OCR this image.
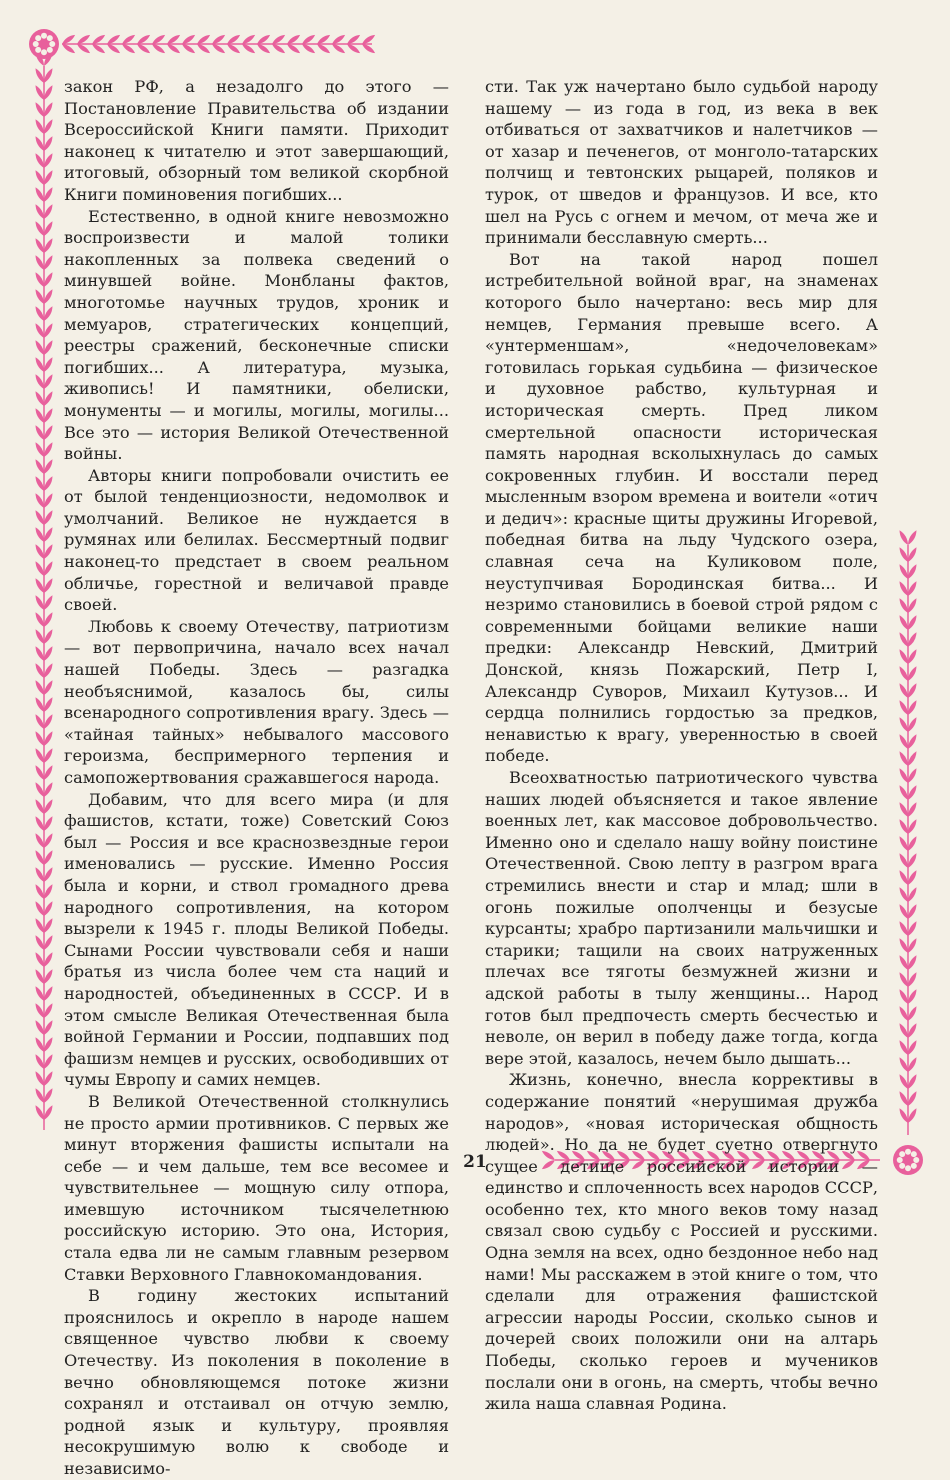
закон РФ, а незадолго до этого — Постановление Правительства об издании Всероссийской Книги памяти. Приходит наконец к читателю и этот завершающий, итоговый, обзорный том великой скорбной Книги поминовения погибших...

Естественно, в одной книге невозможно воспроизвести и малой толики накопленных за полвека сведений о минувшей войне. Монбланы фактов, многотомье научных трудов, хроник и мемуаров, стратегических концепций, реестры сражений, бесконечные списки погибших... А литература, музыка, живопись! И памятники, обелиски, монументы — и могилы, могилы, могилы... Все это — история Великой Отечественной войны.

Авторы книги попробовали очистить ее от былой тенденциозности, недомолвок и умолчаний. Великое не нуждается в румянах или белилах. Бессмертный подвиг наконец-то предстает в своем реальном обличье, горестной и величавой правде своей.

Любовь к своему Отечеству, патриотизм — вот первопричина, начало всех начал нашей Победы. Здесь — разгадка необъяснимой, казалось бы, силы всенародного сопротивления врагу. Здесь — «тайная тайных» небывалого массового героизма, беспримерного терпения и самопожертвования сражавшегося народа.

Добавим, что для всего мира (и для фашистов, кстати, тоже) Советский Союз был — Россия и все краснозвездные герои именовались — русские. Именно Россия была и корни, и ствол громадного древа народного сопротивления, на котором вызрели к 1945 г. плоды Великой Победы. Сынами России чувствовали себя и наши братья из числа более чем ста наций и народностей, объединенных в СССР. И в этом смысле Великая Отечественная была войной Германии и России, подпавших под фашизм немцев и русских, освободивших от чумы Европу и самих немцев.

В Великой Отечественной столкнулись не просто армии противников. С первых же минут вторжения фашисты испытали на себе — и чем дальше, тем все весомее и чувствительнее — мощную силу отпора, имевшую источником тысячелетнюю российскую историю. Это она, История, стала едва ли не самым главным резервом Ставки Верховного Главнокомандования.

В годину жестоких испытаний прояснилось и окрепло в народе нашем священное чувство любви к своему Отечеству. Из поколения в поколение в вечно обновляющемся потоке жизни сохранял и отстаивал он отчую землю, родной язык и культуру, проявляя несокрушимую волю к свободе и независимо-

сти. Так уж начертано было судьбой народу нашему — из года в год, из века в век отбиваться от захватчиков и налетчиков — от хазар и печенегов, от монголо-татарских полчищ и тевтонских рыцарей, поляков и турок, от шведов и французов. И все, кто шел на Русь с огнем и мечом, от меча же и принимали бесславную смерть...

Вот на такой народ пошел истребительной войной враг, на знаменах которого было начертано: весь мир для немцев, Германия превыше всего. А «унтерменшам», «недочеловекам» готовилась горькая судьбина — физическое и духовное рабство, культурная и историческая смерть. Пред ликом смертельной опасности историческая память народная всколыхнулась до самых сокровенных глубин. И восстали перед мысленным взором времена и воители «отич и дедич»: красные щиты дружины Игоревой, победная битва на льду Чудского озера, славная сеча на Куликовом поле, неуступчивая Бородинская битва... И незримо становились в боевой строй рядом с современными бойцами великие наши предки: Александр Невский, Дмитрий Донской, князь Пожарский, Петр I, Александр Суворов, Михаил Кутузов... И сердца полнились гордостью за предков, ненавистью к врагу, уверенностью в своей победе.

Всеохватностью патриотического чувства наших людей объясняется и такое явление военных лет, как массовое добровольчество. Именно оно и сделало нашу войну поистине Отечественной. Свою лепту в разгром врага стремились внести и стар и млад; шли в огонь пожилые ополченцы и безусые курсанты; храбро партизанили мальчишки и старики; тащили на своих натруженных плечах все тяготы безмужней жизни и адской работы в тылу женщины... Народ готов был предпочесть смерть бесчестью и неволе, он верил в победу даже тогда, когда вере этой, казалось, нечем было дышать...

Жизнь, конечно, внесла коррективы в содержание понятий «нерушимая дружба народов», «новая историческая общность людей». Но да не будет суетно отвергнуто сущее детище российской истории — единство и сплоченность всех народов СССР, особенно тех, кто много веков тому назад связал свою судьбу с Россией и русскими. Одна земля на всех, одно бездонное небо над нами! Мы расскажем в этой книге о том, что сделали для отражения фашистской агрессии народы России, сколько сынов и дочерей своих положили они на алтарь Победы, сколько героев и мучеников послали они в огонь, на смерть, чтобы вечно жила наша славная Родина.

21
